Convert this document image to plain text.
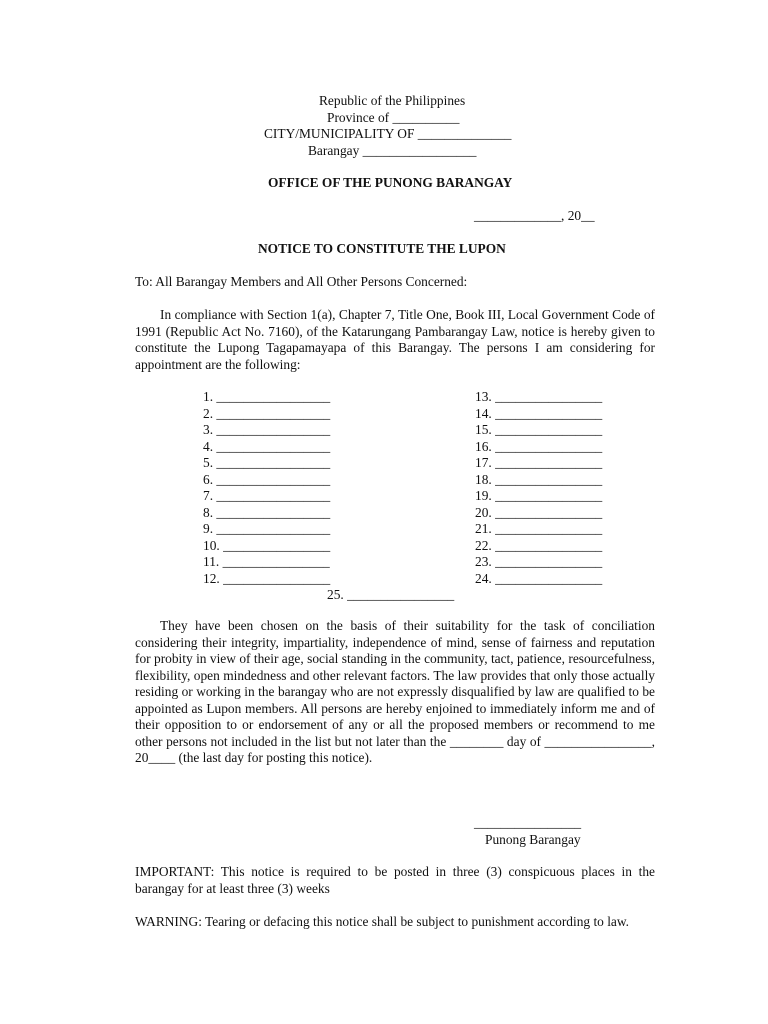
Republic of the Philippines
Province of __________
CITY/MUNICIPALITY OF ______________
Barangay _________________
OFFICE OF THE PUNONG BARANGAY
_____________, 20__
NOTICE TO CONSTITUTE THE LUPON
To: All Barangay Members and All Other Persons Concerned:
In compliance with Section 1(a), Chapter 7, Title One, Book III, Local Government Code of 1991 (Republic Act No. 7160), of the Katarungang Pambarangay Law, notice is hereby given to constitute the Lupong Tagapamayapa of this Barangay. The persons I am considering for appointment are the following:
1. _________________
2. _________________
3. _________________
4. _________________
5. _________________
6. _________________
7. _________________
8. _________________
9. _________________
10. ________________
11. ________________
12. ________________
13. ________________
14. ________________
15. ________________
16. ________________
17. ________________
18. ________________
19. ________________
20. ________________
21. ________________
22. ________________
23. ________________
24. ________________
25. ________________
They have been chosen on the basis of their suitability for the task of conciliation considering their integrity, impartiality, independence of mind, sense of fairness and reputation for probity in view of their age, social standing in the community, tact, patience, resourcefulness, flexibility, open mindedness and other relevant factors. The law provides that only those actually residing or working in the barangay who are not expressly disqualified by law are qualified to be appointed as Lupon members. All persons are hereby enjoined to immediately inform me and of their opposition to or endorsement of any or all the proposed members or recommend to me other persons not included in the list but not later than the ________ day of ________________, 20____ (the last day for posting this notice).
________________
Punong Barangay
IMPORTANT: This notice is required to be posted in three (3) conspicuous places in the barangay for at least three (3) weeks
WARNING: Tearing or defacing this notice shall be subject to punishment according to law.
